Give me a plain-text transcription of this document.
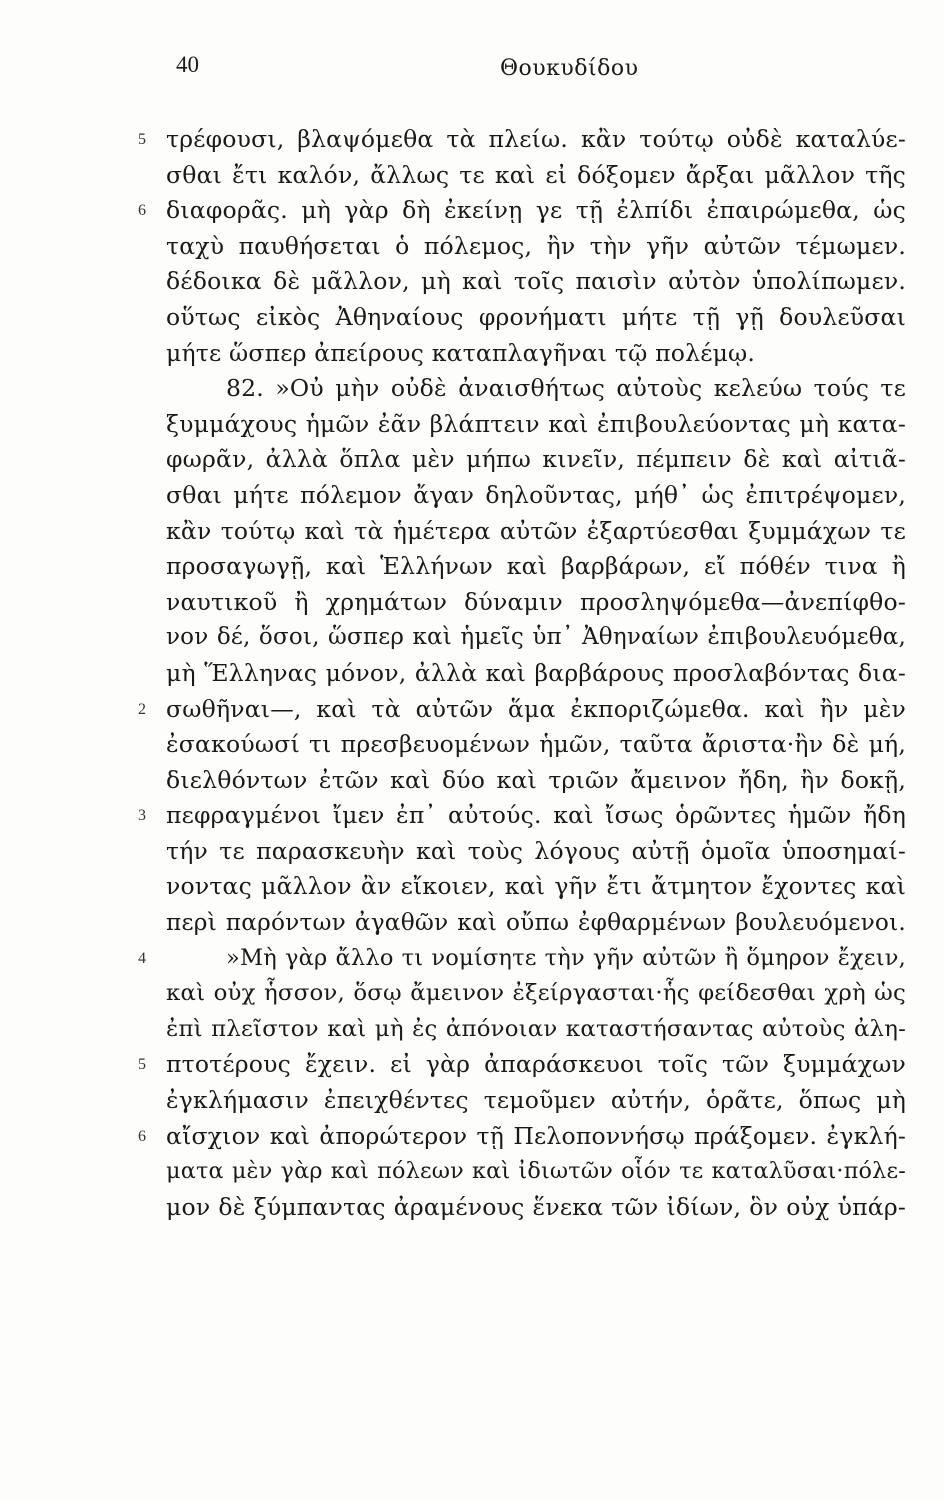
40	Θουκυδίδου
τρέφουσι, βλαψόμεθα τὰ πλείω. κἂν τούτῳ οὐδὲ καταλύε-
5
σθαι ἔτι καλόν, ἄλλως τε καὶ εἰ δόξομεν ἄρξαι μᾶλλον τῆς
διαφορᾶς. μὴ γὰρ δὴ ἐκείνῃ γε τῇ ἐλπίδι ἐπαιρώμεθα, ὡς
6
ταχὺ παυθήσεται ὁ πόλεμος, ἢν τὴν γῆν αὐτῶν τέμωμεν.
δέδοικα δὲ μᾶλλον, μὴ καὶ τοῖς παισὶν αὐτὸν ὑπολίπωμεν.
οὕτως εἰκὸς Ἀθηναίους φρονήματι μήτε τῇ γῇ δουλεῦσαι
μήτε ὥσπερ ἀπείρους καταπλαγῆναι τῷ πολέμῳ.
82. »Οὐ μὴν οὐδὲ ἀναισθήτως αὐτοὺς κελεύω τούς τε
ξυμμάχους ἡμῶν ἐᾶν βλάπτειν καὶ ἐπιβουλεύοντας μὴ κατα-
φωρᾶν, ἀλλὰ ὅπλα μὲν μήπω κινεῖν, πέμπειν δὲ καὶ αἰτιᾶ-
σθαι μήτε πόλεμον ἄγαν δηλοῦντας, μήθ᾽ ὡς ἐπιτρέψομεν,
κἂν τούτῳ καὶ τὰ ἡμέτερα αὐτῶν ἐξαρτύεσθαι ξυμμάχων τε
προσαγωγῇ, καὶ Ἑλλήνων καὶ βαρβάρων, εἴ πόθέν τινα ἢ
ναυτικοῦ ἢ χρημάτων δύναμιν προσληψόμεθα—ἀνεπίφθο-
νον δέ, ὅσοι, ὥσπερ καὶ ἡμεῖς ὑπ᾽ Ἀθηναίων ἐπιβουλευόμεθα,
μὴ Ἕλληνας μόνον, ἀλλὰ καὶ βαρβάρους προσλαβόντας δια-
σωθῆναι—, καὶ τὰ αὐτῶν ἅμα ἐκποριζώμεθα. καὶ ἢν μὲν
2
ἐσακούωσί τι πρεσβευομένων ἡμῶν, ταῦτα ἄριστα·ἢν δὲ μή,
διελθόντων ἐτῶν καὶ δύο καὶ τριῶν ἄμεινον ἤδη, ἢν δοκῇ,
πεφραγμένοι ἴμεν ἐπ᾽ αὐτούς. καὶ ἴσως ὁρῶντες ἡμῶν ἤδη
3
τήν τε παρασκευὴν καὶ τοὺς λόγους αὐτῇ ὁμοῖα ὑποσημαί-
νοντας μᾶλλον ἂν εἴκοιεν, καὶ γῆν ἔτι ἄτμητον ἔχοντες καὶ
περὶ παρόντων ἀγαθῶν καὶ οὔπω ἐφθαρμένων βουλευόμενοι.
»Μὴ γὰρ ἄλλο τι νομίσητε τὴν γῆν αὐτῶν ἢ ὅμηρον ἔχειν,
4
καὶ οὐχ ἧσσον, ὅσῳ ἄμεινον ἐξείργασται·ἧς φείδεσθαι χρὴ ὡς
ἐπὶ πλεῖστον καὶ μὴ ἐς ἀπόνοιαν καταστήσαντας αὐτοὺς ἀλη-
πτοτέρους ἔχειν. εἰ γὰρ ἀπαράσκευοι τοῖς τῶν ξυμμάχων
5
ἐγκλήμασιν ἐπειχθέντες τεμοῦμεν αὐτήν, ὁρᾶτε, ὅπως μὴ
αἴσχιον καὶ ἀπορώτερον τῇ Πελοποννήσῳ πράξομεν. ἐγκλή-
6
ματα μὲν γὰρ καὶ πόλεων καὶ ἰδιωτῶν οἷόν τε καταλῦσαι·πόλε-
μον δὲ ξύμπαντας ἀραμένους ἕνεκα τῶν ἰδίων, ὃν οὐχ ὑπάρ-
